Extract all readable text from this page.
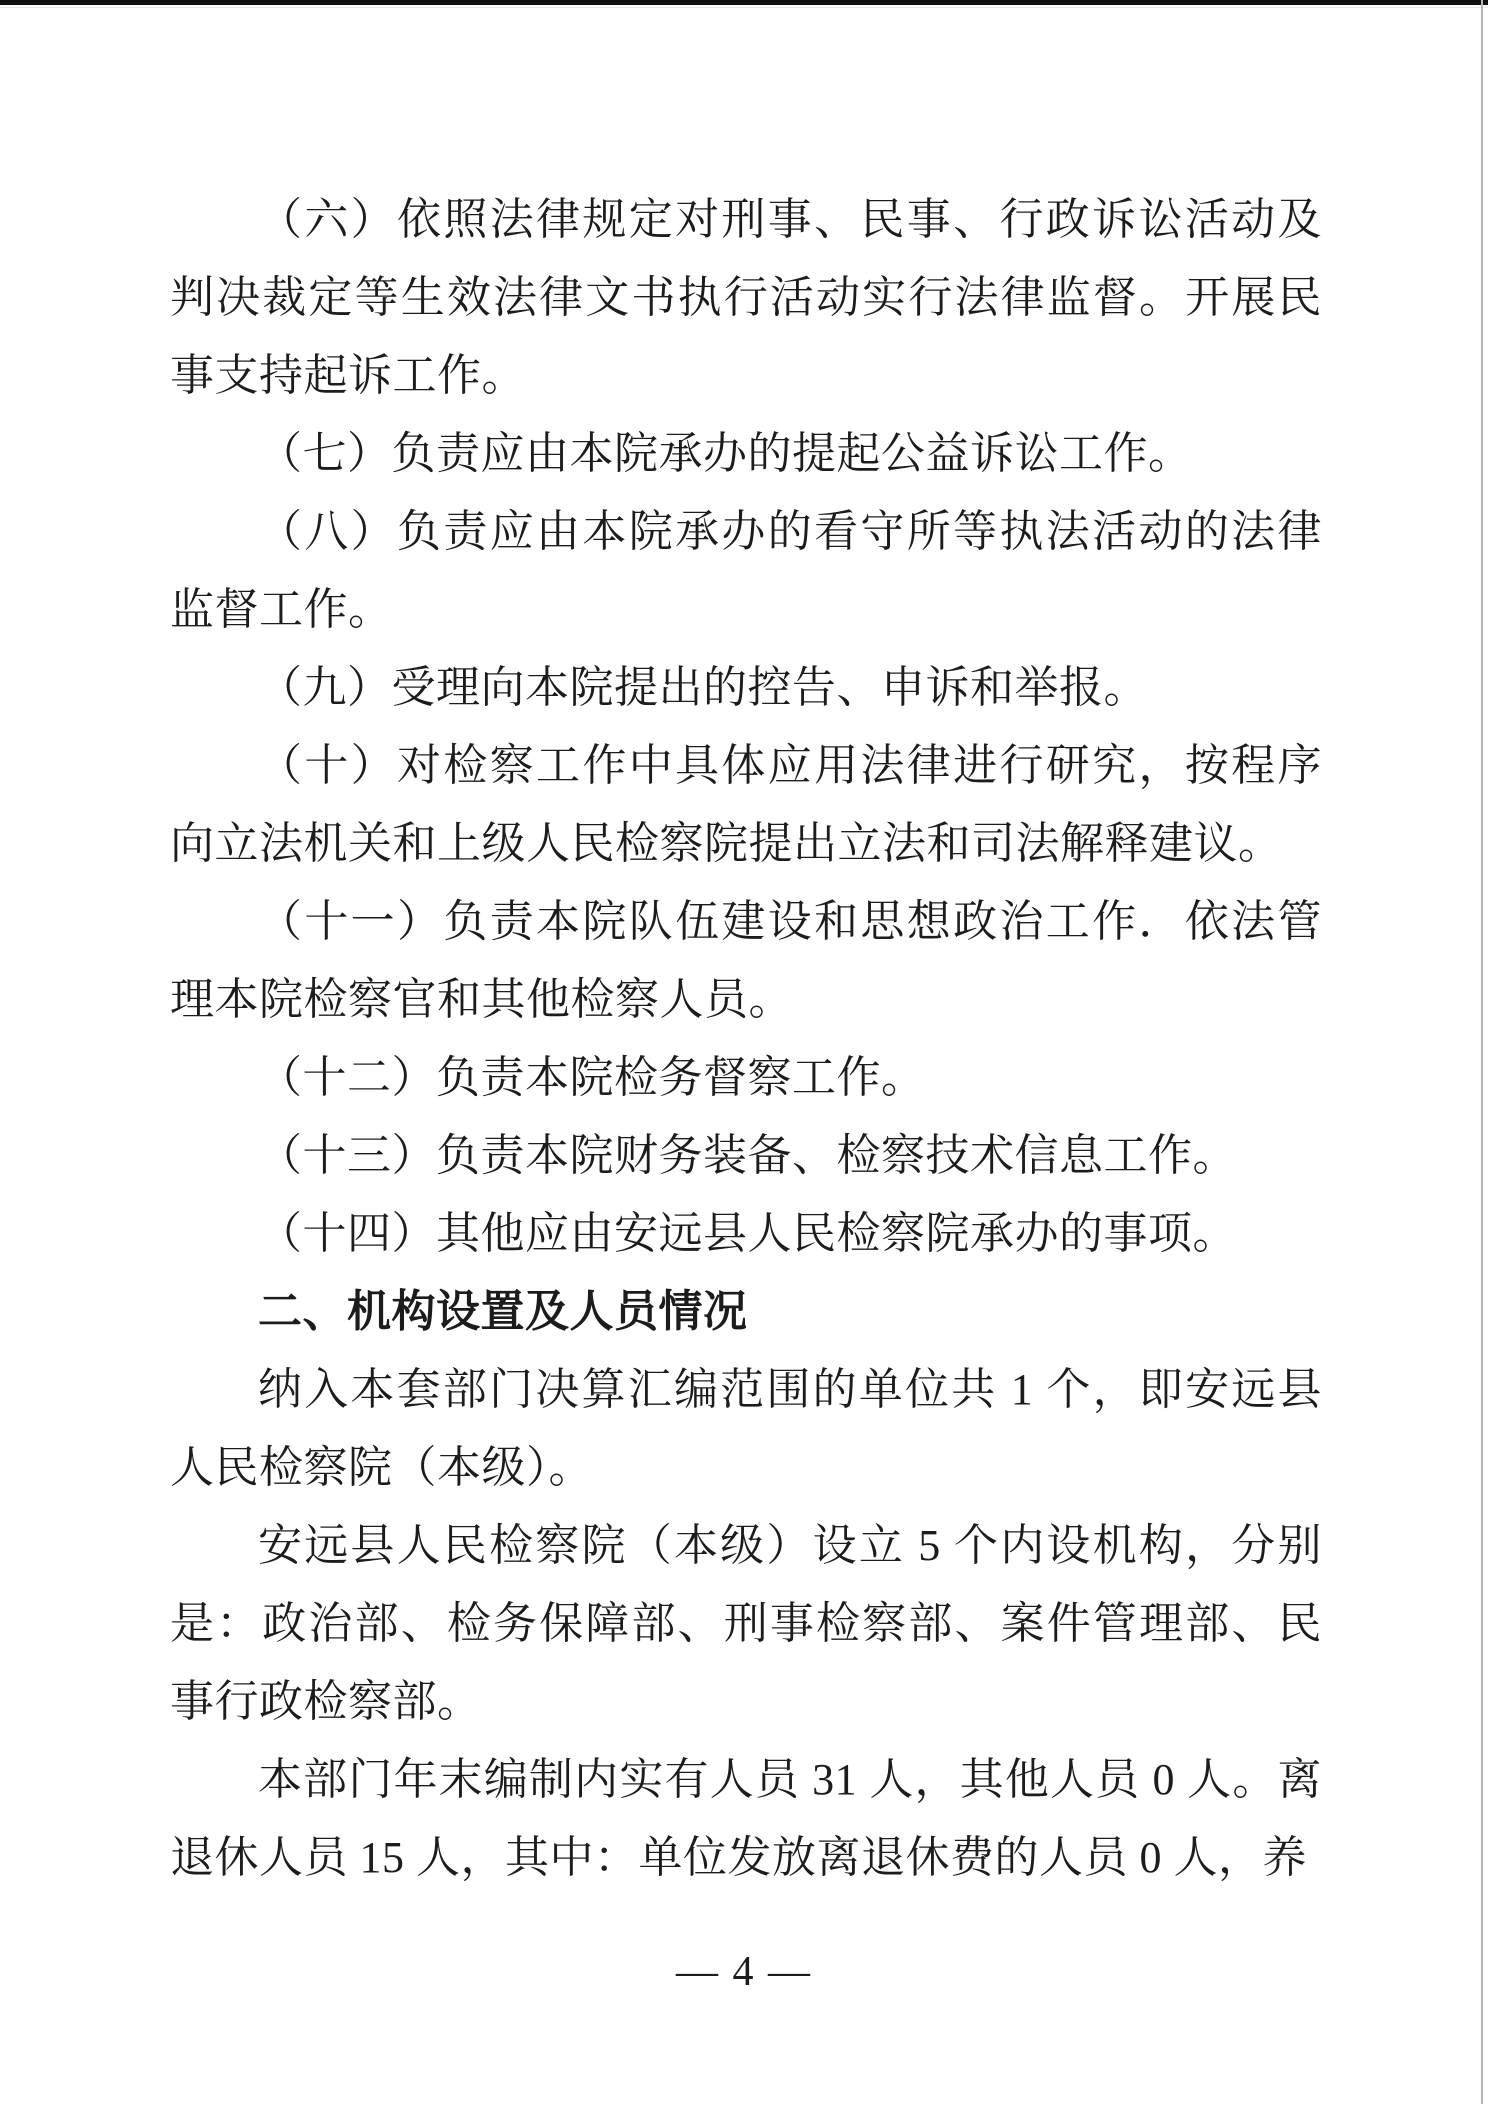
（六）依照法律规定对刑事、民事、行政诉讼活动及判决裁定等生效法律文书执行活动实行法律监督。开展民事支持起诉工作。

（七）负责应由本院承办的提起公益诉讼工作。

（八）负责应由本院承办的看守所等执法活动的法律监督工作。

（九）受理向本院提出的控告、申诉和举报。

（十）对检察工作中具体应用法律进行研究，按程序向立法机关和上级人民检察院提出立法和司法解释建议。

（十一）负责本院队伍建设和思想政治工作．依法管理本院检察官和其他检察人员。

（十二）负责本院检务督察工作。

（十三）负责本院财务装备、检察技术信息工作。

（十四）其他应由安远县人民检察院承办的事项。

二、机构设置及人员情况

纳入本套部门决算汇编范围的单位共 1 个，即安远县人民检察院（本级）。

安远县人民检察院（本级）设立 5 个内设机构，分别是：政治部、检务保障部、刑事检察部、案件管理部、民事行政检察部。

本部门年末编制内实有人员 31 人，其他人员 0 人。离退休人员 15 人，其中：单位发放离退休费的人员 0 人，养

— 4 —
